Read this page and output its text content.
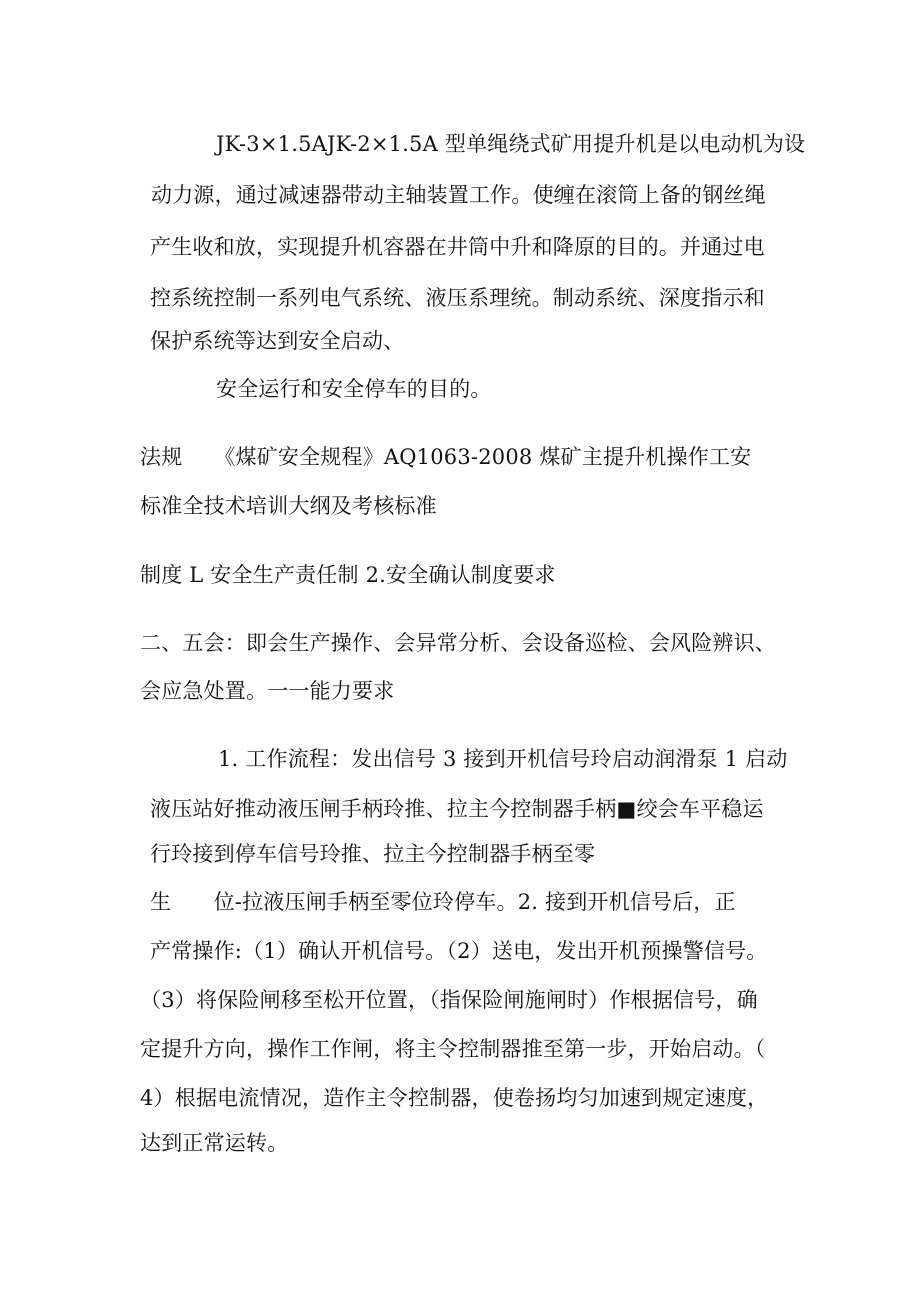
JK-3×1.5AJK-2×1.5A 型单绳绕式矿用提升机是以电动机为设
动力源，通过减速器带动主轴装置工作。使缠在滚筒上备的钢丝绳
产生收和放，实现提升机容器在井筒中升和降原的目的。并通过电
控系统控制一系列电气系统、液压系理统。制动系统、深度指示和
保护系统等达到安全启动、
安全运行和安全停车的目的。
法规　　《煤矿安全规程》AQ1063-2008 煤矿主提升机操作工安
标准全技术培训大纲及考核标准
制度 L 安全生产责任制 2.安全确认制度要求
二、五会：即会生产操作、会异常分析、会设备巡检、会风险辨识、
会应急处置。一一能力要求
1. 工作流程：发出信号 3 接到开机信号玲启动润滑泵 1 启动
液压站好推动液压闸手柄玲推、拉主今控制器手柄■绞会车平稳运
行玲接到停车信号玲推、拉主今控制器手柄至零
生　　位-拉液压闸手柄至零位玲停车。2. 接到开机信号后，正
产常操作:（1）确认开机信号。（2）送电，发出开机预操警信号。
（3）将保险闸移至松开位置，（指保险闸施闸时）作根据信号，确
定提升方向，操作工作闸，将主令控制器推至第一步，开始启动。（
4）根据电流情况，造作主令控制器，使卷扬均匀加速到规定速度，
达到正常运转。
